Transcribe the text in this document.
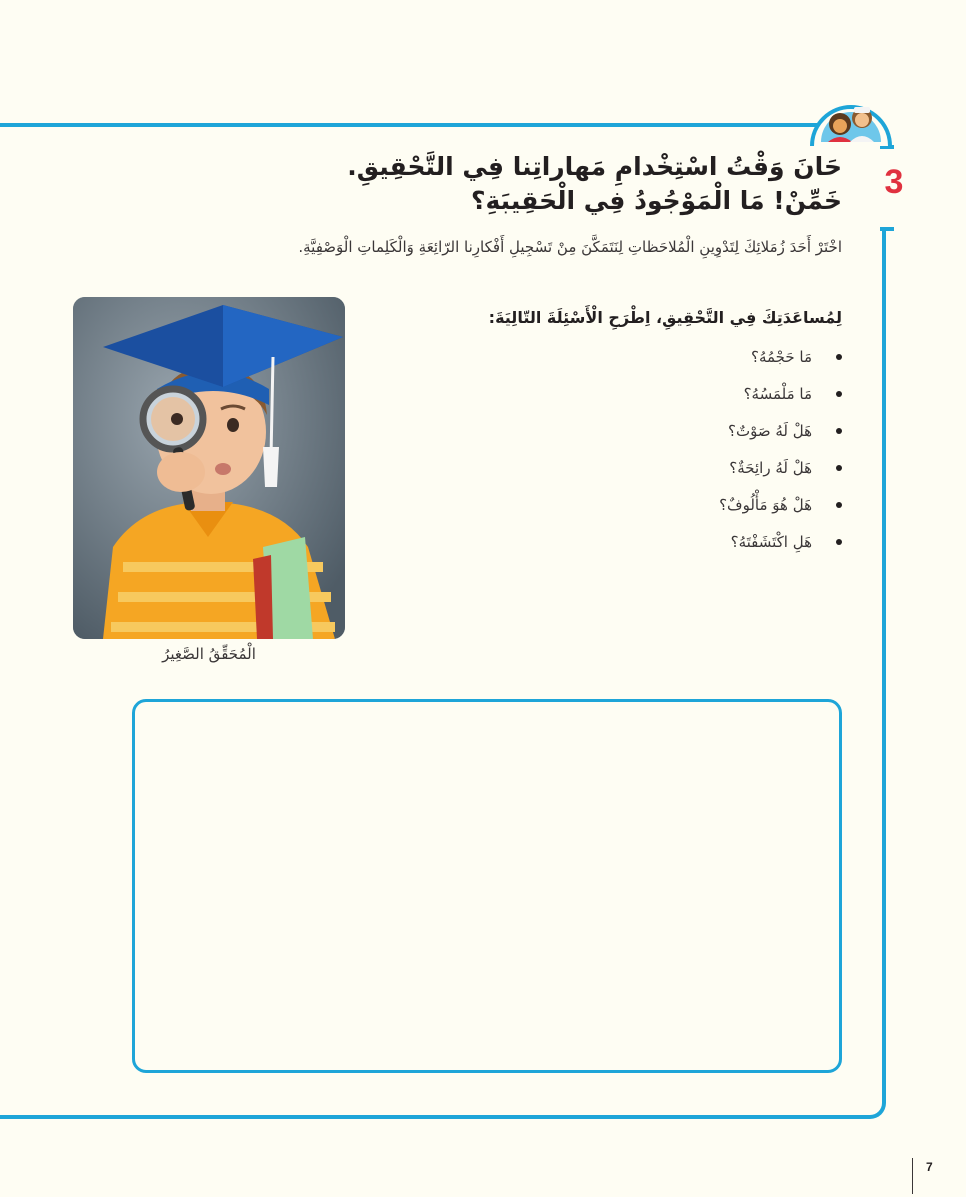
3
حَانَ وَقْتُ اسْتِخْدامِ مَهاراتِنا فِي التَّحْقِيقِ.
خَمِّنْ! مَا الْمَوْجُودُ فِي الْحَقِيبَةِ؟

اخْتَرْ أَحَدَ زُمَلائِكَ لِتَدْوِينِ الْمُلاحَظاتِ لِنَتَمَكَّنَ مِنْ تَسْجِيلِ أَفْكارِنا الرّائِعَةِ وَالْكَلِماتِ الْوَصْفِيَّةِ.

لِمُساعَدَتِكَ فِي التَّحْقِيقِ، اِطْرَحِ الْأَسْئِلَةَ التّالِيَةَ:

مَا حَجْمُهُ؟
مَا مَلْمَسُهُ؟
هَلْ لَهُ صَوْتٌ؟
هَلْ لَهُ رائِحَةٌ؟
هَلْ هُوَ مَأْلُوفٌ؟
هَلِ اكْتَشَفْتَهُ؟

الْمُحَقِّقُ الصَّغِيرُ

7
